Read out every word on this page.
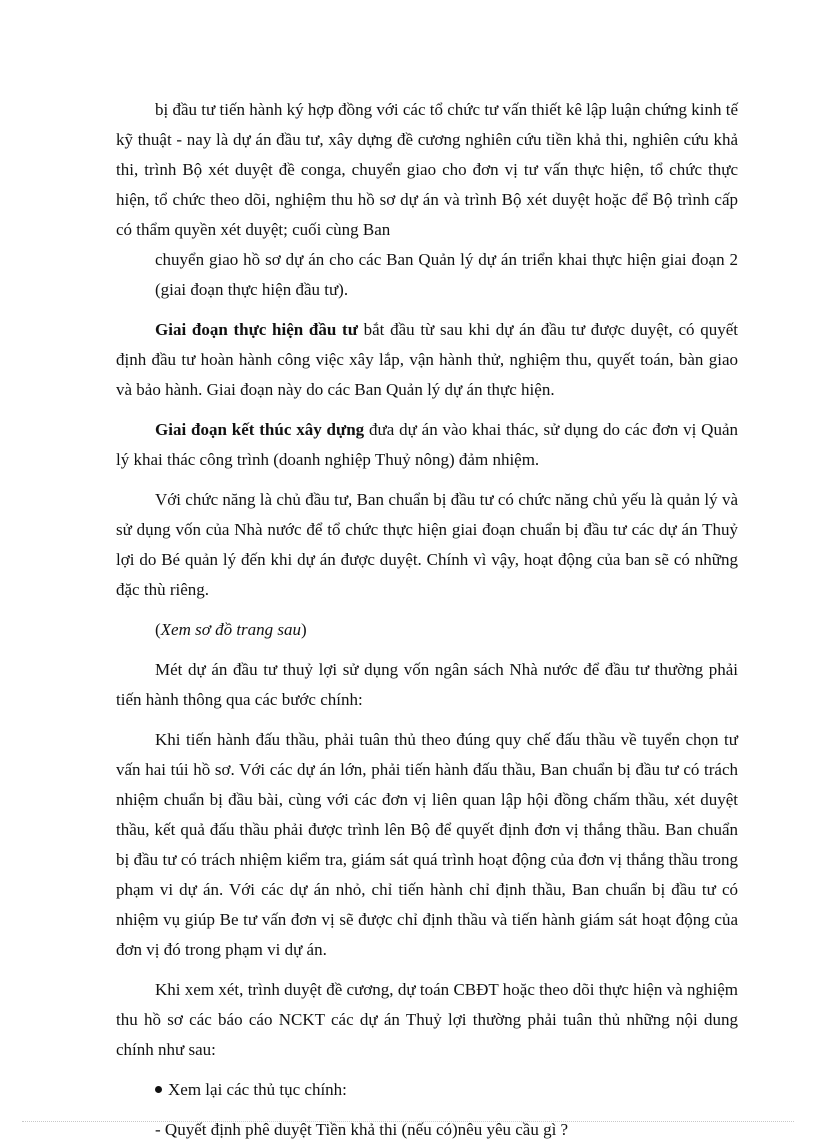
bị đầu tư tiến hành ký hợp đồng với các tổ chức tư vấn thiết kê lập luận chứng kinh tế kỹ thuật - nay là dự án đầu tư, xây dựng đề cương nghiên cứu tiền khả thi, nghiên cứu khả thi, trình Bộ xét duyệt đề conga, chuyển giao cho đơn vị tư vấn thực hiện, tổ chức thực hiện, tổ chức theo dõi, nghiệm thu hồ sơ dự án và trình Bộ xét duyệt hoặc để Bộ trình cấp có thẩm quyền xét duyệt; cuối cùng Ban

chuyển giao hồ sơ dự án cho các Ban Quản lý dự án triển khai thực hiện giai đoạn 2 (giai đoạn thực hiện đầu tư).

Giai đoạn thực hiện đầu tư bắt đầu từ sau khi dự án đầu tư được duyệt, có quyết định đầu tư hoàn hành công việc xây lắp, vận hành thử, nghiệm thu, quyết toán, bàn giao và bảo hành. Giai đoạn này do các Ban Quản lý dự án thực hiện.

Giai đoạn kết thúc xây dựng đưa dự án vào khai thác, sử dụng do các đơn vị Quản lý khai thác công trình (doanh nghiệp Thuỷ nông) đảm nhiệm.

Với chức năng là chủ đầu tư, Ban chuẩn bị đầu tư có chức năng chủ yếu là quản lý và sử dụng vốn của Nhà nước để tổ chức thực hiện giai đoạn chuẩn bị đầu tư các dự án Thuỷ lợi do Bé quản lý đến khi dự án được duyệt. Chính vì vậy, hoạt động của ban sẽ có những đặc thù riêng.

(Xem sơ đồ trang sau)

Mét dự án đầu tư thuỷ lợi sử dụng vốn ngân sách Nhà nước để đầu tư thường phải tiến hành thông qua các bước chính:

Khi tiến hành đấu thầu, phải tuân thủ theo đúng quy chế đấu thầu về tuyển chọn tư vấn hai túi hồ sơ. Với các dự án lớn, phải tiến hành đấu thầu, Ban chuẩn bị đầu tư có trách nhiệm chuẩn bị đầu bài, cùng với các đơn vị liên quan lập hội đồng chấm thầu, xét duyệt thầu, kết quả đấu thầu phải được trình lên Bộ để quyết định đơn vị thắng thầu. Ban chuẩn bị đầu tư có trách nhiệm kiểm tra, giám sát quá trình hoạt động của đơn vị thắng thầu trong phạm vi dự án. Với các dự án nhỏ, chỉ tiến hành chỉ định thầu, Ban chuẩn bị đầu tư có nhiệm vụ giúp Be tư vấn đơn vị sẽ được chỉ định thầu và tiến hành giám sát hoạt động của đơn vị đó trong phạm vi dự án.

Khi xem xét, trình duyệt đề cương, dự toán CBĐT hoặc theo dõi thực hiện và nghiệm thu hồ sơ các báo cáo NCKT các dự án Thuỷ lợi thường phải tuân thủ những nội dung chính như sau:

Xem lại các thủ tục chính:

- Quyết định phê duyệt Tiền khả thi (nếu có)nêu yêu cầu gì ?
